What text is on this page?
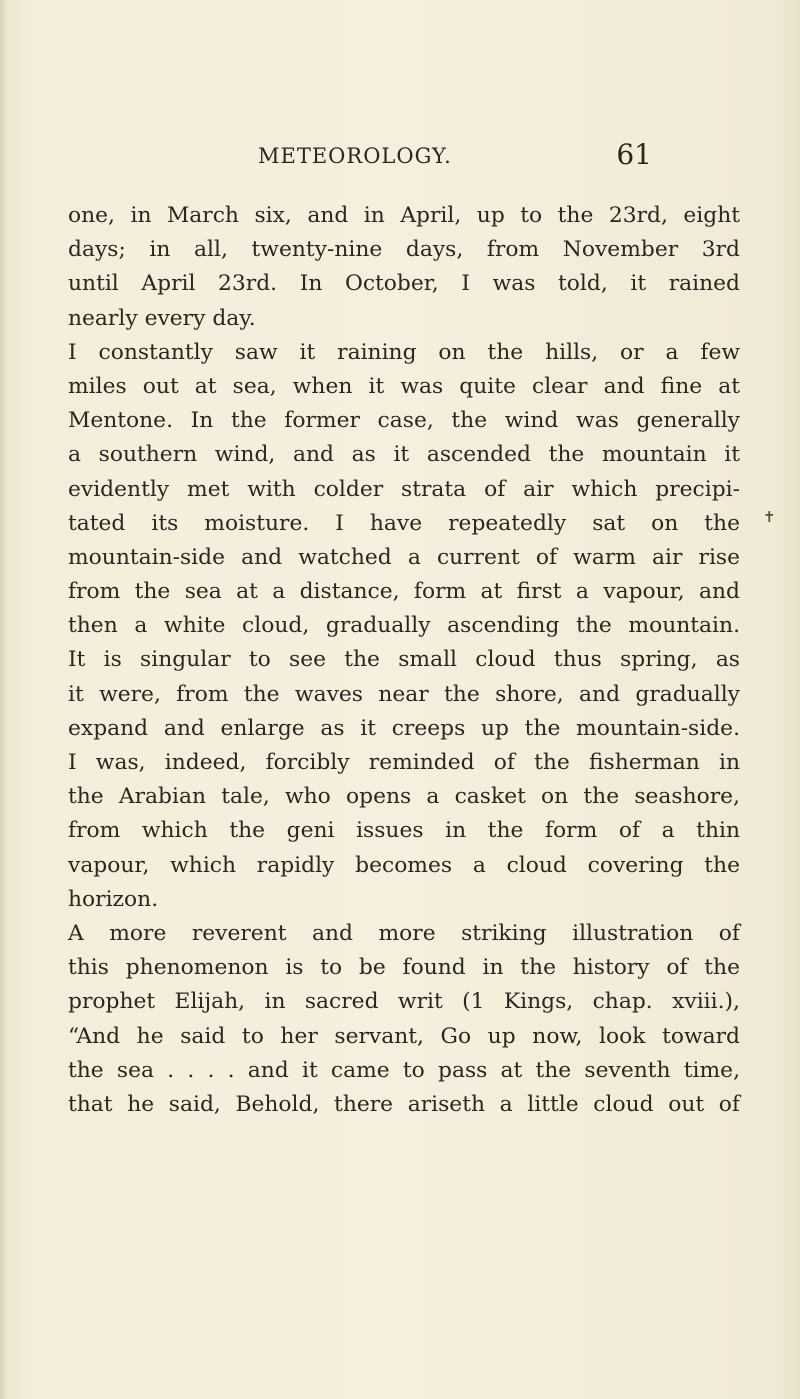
METEOROLOGY.	61
one, in March six, and in April, up to the 23rd, eight
days; in all, twenty-nine days, from November 3rd
until April 23rd. In October, I was told, it rained
nearly every day.
I constantly saw it raining on the hills, or a few
miles out at sea, when it was quite clear and fine at
Mentone. In the former case, the wind was generally
a southern wind, and as it ascended the mountain it
evidently met with colder strata of air which precipi-
tated its moisture. I have repeatedly sat on the
mountain-side and watched a current of warm air rise
from the sea at a distance, form at first a vapour, and
then a white cloud, gradually ascending the mountain.
It is singular to see the small cloud thus spring, as
it were, from the waves near the shore, and gradually
expand and enlarge as it creeps up the mountain-side.
I was, indeed, forcibly reminded of the fisherman in
the Arabian tale, who opens a casket on the seashore,
from which the geni issues in the form of a thin
vapour, which rapidly becomes a cloud covering the
horizon.
A more reverent and more striking illustration of
this phenomenon is to be found in the history of the
prophet Elijah, in sacred writ (1 Kings, chap. xviii.),
“And he said to her servant, Go up now, look toward
the sea . . . . and it came to pass at the seventh time,
that he said, Behold, there ariseth a little cloud out of
✝
